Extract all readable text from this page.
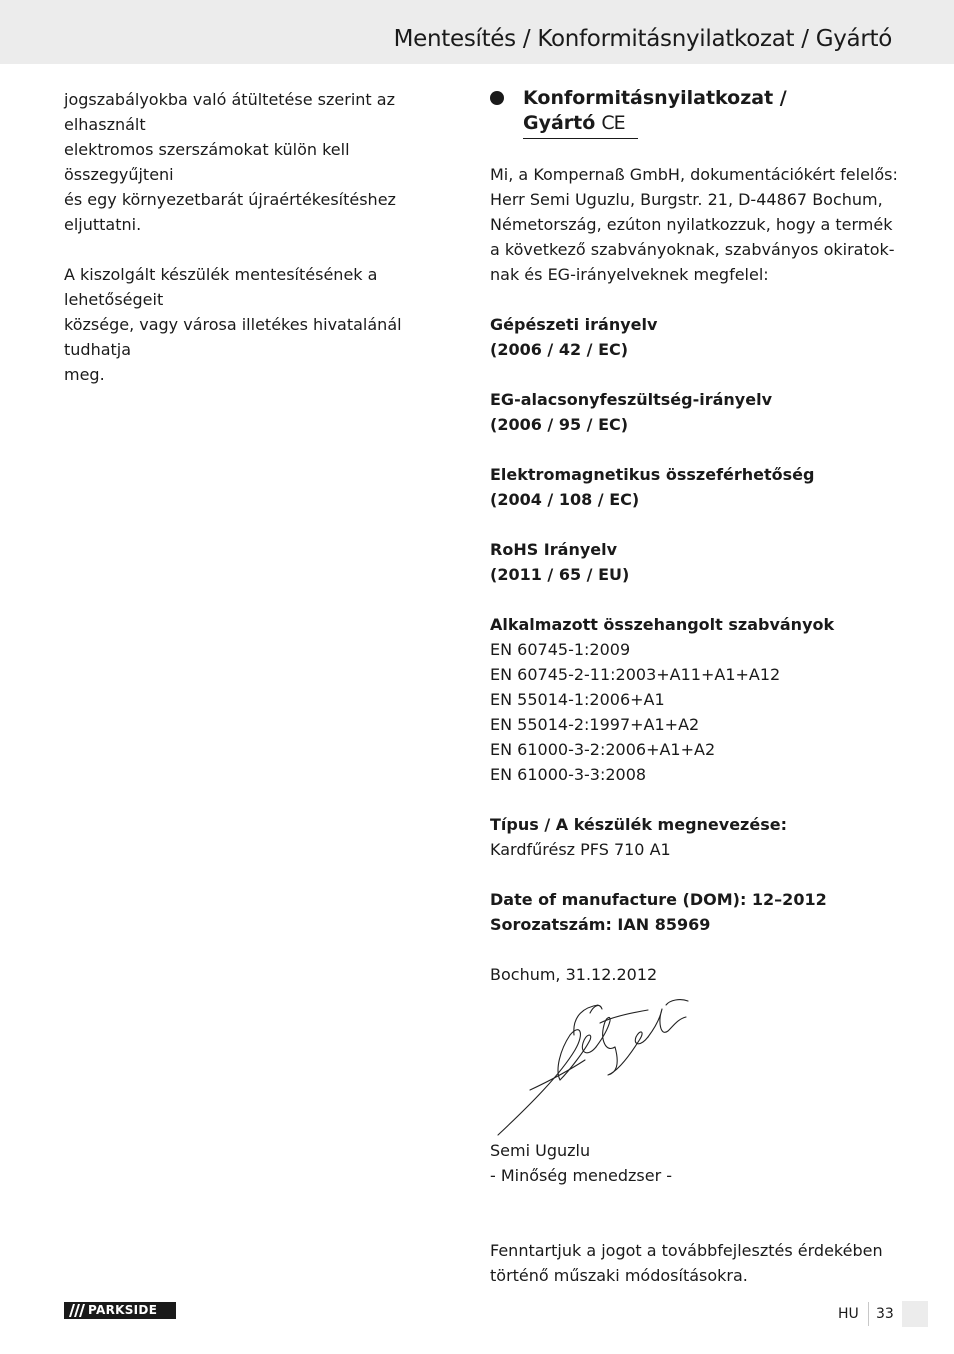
Mentesítés / Konformitásnyilatkozat / Gyártó

jogszabályokba való átültetése szerint az elhasznált
elektromos szerszámokat külön kell összegyűjteni
és egy környezetbarát újraértékesítéshez eljuttatni.

A kiszolgált készülék mentesítésének a lehetőségeit
községe, vagy városa illetékes hivatalánál tudhatja
meg.

Konformitásnyilatkozat /
Gyártó CE

Mi, a Kompernaß GmbH, dokumentációkért felelős:
Herr Semi Uguzlu, Burgstr. 21, D-44867 Bochum,
Németország, ezúton nyilatkozzuk, hogy a termék
a következő szabványoknak, szabványos okiratok-
nak és EG-irányelveknek megfelel:

Gépészeti irányelv
(2006 / 42 / EC)

EG-alacsonyfeszültség-irányelv
(2006 / 95 / EC)

Elektromagnetikus összeférhetőség
(2004 / 108 / EC)

RoHS Irányelv
(2011 / 65 / EU)

Alkalmazott összehangolt szabványok
EN 60745-1:2009
EN 60745-2-11:2003+A11+A1+A12
EN 55014-1:2006+A1
EN 55014-2:1997+A1+A2
EN 61000-3-2:2006+A1+A2
EN 61000-3-3:2008

Típus / A készülék megnevezése:
Kardfűrész PFS 710 A1

Date of manufacture (DOM): 12–2012
Sorozatszám: IAN 85969

Bochum, 31.12.2012

Semi Uguzlu
- Minőség menedzser -
Fenntartjuk a jogot a továbbfejlesztés érdekében
történő műszaki módosításokra.
PARKSIDE	HU 33
